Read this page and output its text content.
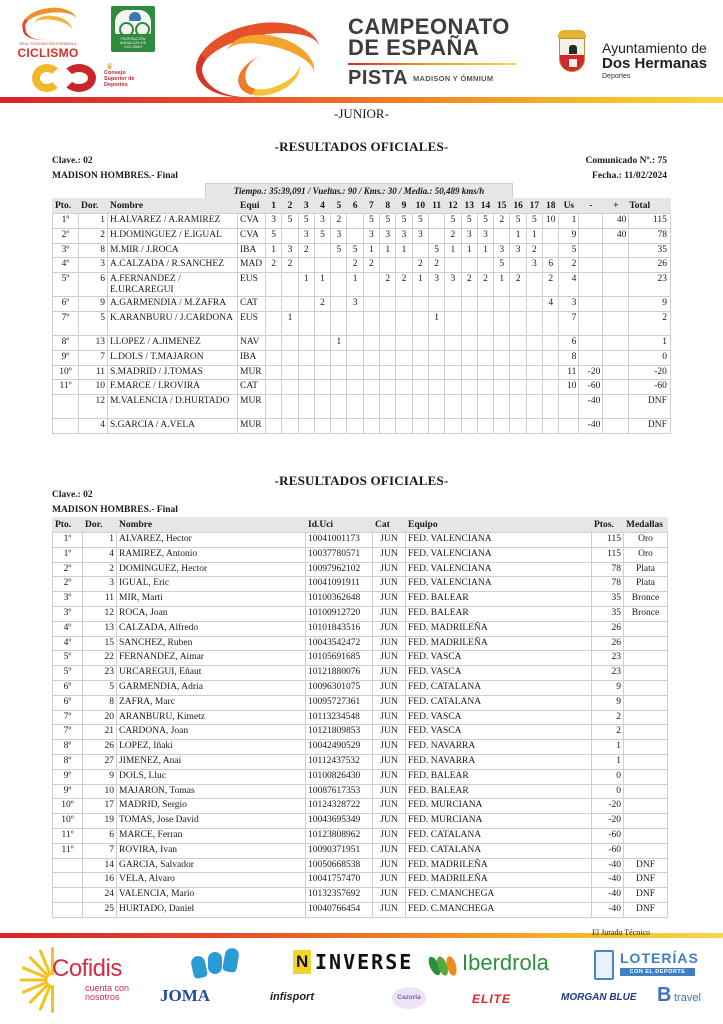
REAL FEDERACIÓN ESPAÑOLA
CICLISMO
FEDERACIÓN ANDALUZA DE CICLISMO
♛
Consejo Superior de Deportes
CAMPEONATO
DE ESPAÑA
PISTA MADISON Y ÓMNIUM
Ayuntamiento de
Dos Hermanas
Deportes
-JUNIOR-
-RESULTADOS OFICIALES-
Clave.: 02	Comunicado Nº.: 75
MADISON HOMBRES.- Final	Fecha.: 11/02/2024
Tiempo.: 35:39,091 / Vueltas.: 90 / Kms.: 30 / Media.: 50,489 kms/h
Pto.	Dor.	Nombre	Equi	1	2	3	4	5	6	7	8	9	10	11	12	13	14	15	16	17	18	Us	-	+	Total
1º	1	H.ALVAREZ / A.RAMIREZ	CVA	3	5	5	3	2		5	5	5	5		5	5	5	2	5	5	10	1		40	115
2º	2	H.DOMINGUEZ / E.IGUAL	CVA	5		3	5	3		3	3	3	3		2	3	3		1	1		9		40	78
3º	8	M.MIR / J.ROCA	IBA	1	3	2		5	5	1	1	1		5	1	1	1	3	3	2		5			35
4º	3	A.CALZADA / R.SANCHEZ	MAD	2	2				2	2			2	2				5		3	6	2			26
5º	6	A.FERNANDEZ / E.URCAREGUI	EUS			1	1		1		2	2	1	3	3	2	2	1	2		2	4			23
6º	9	A.GARMENDIA / M.ZAFRA	CAT				2		3												4	3			9
7º	5	K.ARANBURU / J.CARDONA	EUS		1									1								7			2
8º	13	I.LOPEZ / A.JIMENEZ	NAV					1														6			1
9º	7	L.DOLS / T.MAJARON	IBA																			8			0
10º	11	S.MADRID / J.TOMAS	MUR																			11	-20		-20
11º	10	F.MARCE / I.ROVIRA	CAT																			10	-60		-60
	12	M.VALENCIA / D.HURTADO	MUR																				-40		DNF
	4	S.GARCIA / A.VELA	MUR																				-40		DNF
-RESULTADOS OFICIALES-
Clave.: 02
MADISON HOMBRES.- Final
Pto.	Dor.	Nombre	Id.Uci	Cat	Equipo	Ptos.	Medallas
1º	1	ALVAREZ, Hector	10041001173	JUN	FED. VALENCIANA	115	Oro
1º	4	RAMIREZ, Antonio	10037780571	JUN	FED. VALENCIANA	115	Oro
2º	2	DOMINGUEZ, Hector	10097962102	JUN	FED. VALENCIANA	78	Plata
2º	3	IGUAL, Eric	10041091911	JUN	FED. VALENCIANA	78	Plata
3º	11	MIR, Marti	10100362648	JUN	FED. BALEAR	35	Bronce
3º	12	ROCA, Joan	10100912720	JUN	FED. BALEAR	35	Bronce
4º	13	CALZADA, Alfredo	10101843516	JUN	FED. MADRILEÑA	26	
4º	15	SANCHEZ, Ruben	10043542472	JUN	FED. MADRILEÑA	26	
5º	22	FERNANDEZ, Aimar	10105691685	JUN	FED. VASCA	23	
5º	23	URCAREGUI, Eñaut	10121880076	JUN	FED. VASCA	23	
6º	5	GARMENDIA, Adria	10096301075	JUN	FED. CATALANA	9	
6º	8	ZAFRA, Marc	10095727361	JUN	FED. CATALANA	9	
7º	20	ARANBURU, Kimetz	10113234548	JUN	FED. VASCA	2	
7º	21	CARDONA, Joan	10121809853	JUN	FED. VASCA	2	
8º	26	LOPEZ, Iñaki	10042490529	JUN	FED. NAVARRA	1	
8º	27	JIMENEZ, Anai	10112437532	JUN	FED. NAVARRA	1	
9º	9	DOLS, Lluc	10100826430	JUN	FED. BALEAR	0	
9º	10	MAJARON, Tomas	10087617353	JUN	FED. BALEAR	0	
10º	17	MADRID, Sergio	10124328722	JUN	FED. MURCIANA	-20	
10º	19	TOMAS, Jose David	10043695349	JUN	FED. MURCIANA	-20	
11º	6	MARCE, Ferran	10123808962	JUN	FED. CATALANA	-60	
11º	7	ROVIRA, Ivan	10090371951	JUN	FED. CATALANA	-60	
	14	GARCIA, Salvador	10050668538	JUN	FED. MADRILEÑA	-40	DNF
	16	VELA, Alvaro	10041757470	JUN	FED. MADRILEÑA	-40	DNF
	24	VALENCIA, Mario	10132357692	JUN	FED. C.MANCHEGA	-40	DNF
	25	HURTADO, Daniel	10040766454	JUN	FED. C.MANCHEGA	-40	DNF
El Jurado Técnico
Cofidis
cuenta con nosotros	JOMA
N INVERSE
infisport	Cazorla
Iberdrola
ELITE
LOTERÍAS
CON EL DEPORTE
MORGAN BLUE B travel
